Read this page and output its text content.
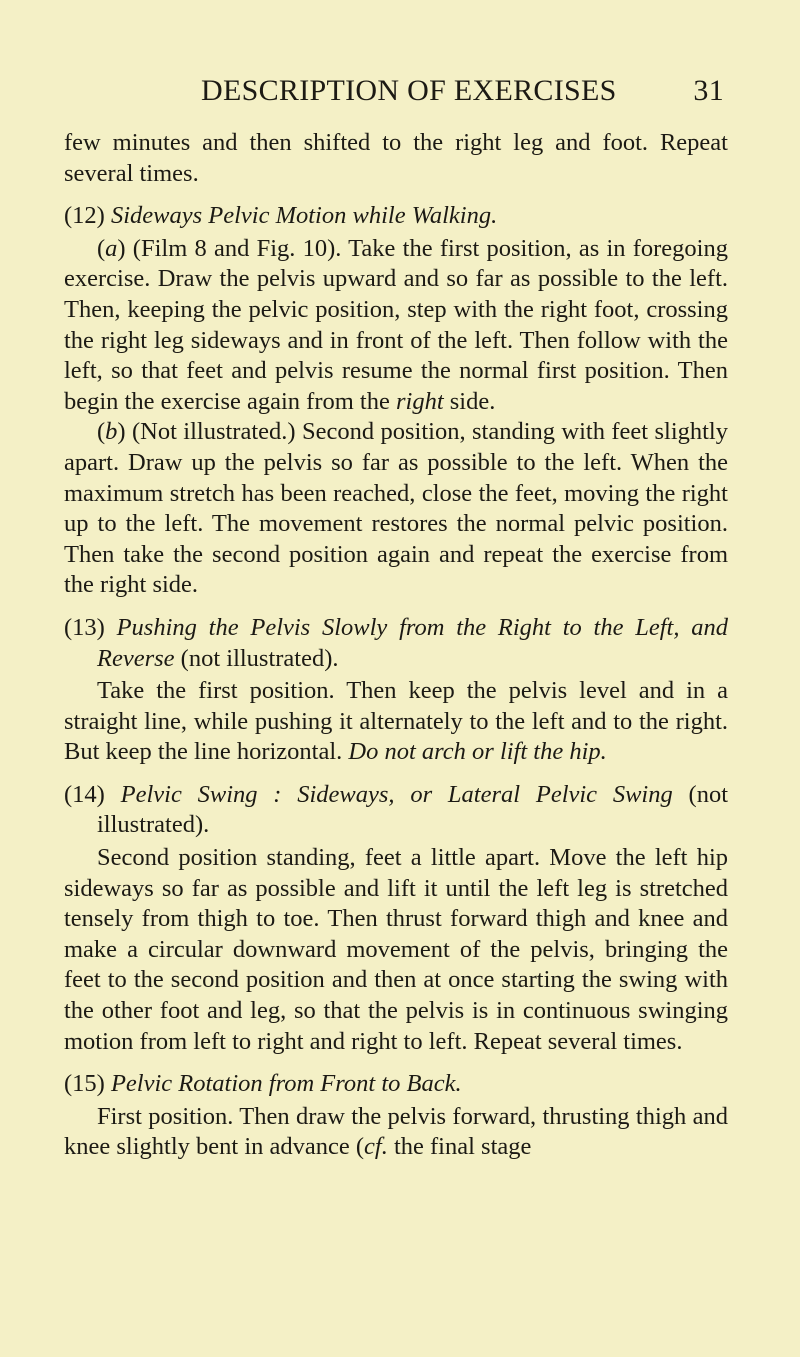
DESCRIPTION OF EXERCISES	31

few minutes and then shifted to the right leg and foot. Repeat several times.

(12) Sideways Pelvic Motion while Walking.

(a) (Film 8 and Fig. 10). Take the first position, as in foregoing exercise. Draw the pelvis upward and so far as possible to the left. Then, keeping the pelvic position, step with the right foot, crossing the right leg sideways and in front of the left. Then follow with the left, so that feet and pelvis resume the normal first position. Then begin the exercise again from the right side.

(b) (Not illustrated.) Second position, standing with feet slightly apart. Draw up the pelvis so far as possible to the left. When the maximum stretch has been reached, close the feet, moving the right up to the left. The movement restores the normal pelvic position. Then take the second position again and repeat the exercise from the right side.

(13) Pushing the Pelvis Slowly from the Right to the Left, and Reverse (not illustrated).

Take the first position. Then keep the pelvis level and in a straight line, while pushing it alternately to the left and to the right. But keep the line horizontal. Do not arch or lift the hip.

(14) Pelvic Swing : Sideways, or Lateral Pelvic Swing (not illustrated).

Second position standing, feet a little apart. Move the left hip sideways so far as possible and lift it until the left leg is stretched tensely from thigh to toe. Then thrust forward thigh and knee and make a circular downward movement of the pelvis, bringing the feet to the second position and then at once starting the swing with the other foot and leg, so that the pelvis is in continuous swinging motion from left to right and right to left. Repeat several times.

(15) Pelvic Rotation from Front to Back.

First position. Then draw the pelvis forward, thrusting thigh and knee slightly bent in advance (cf. the final stage
